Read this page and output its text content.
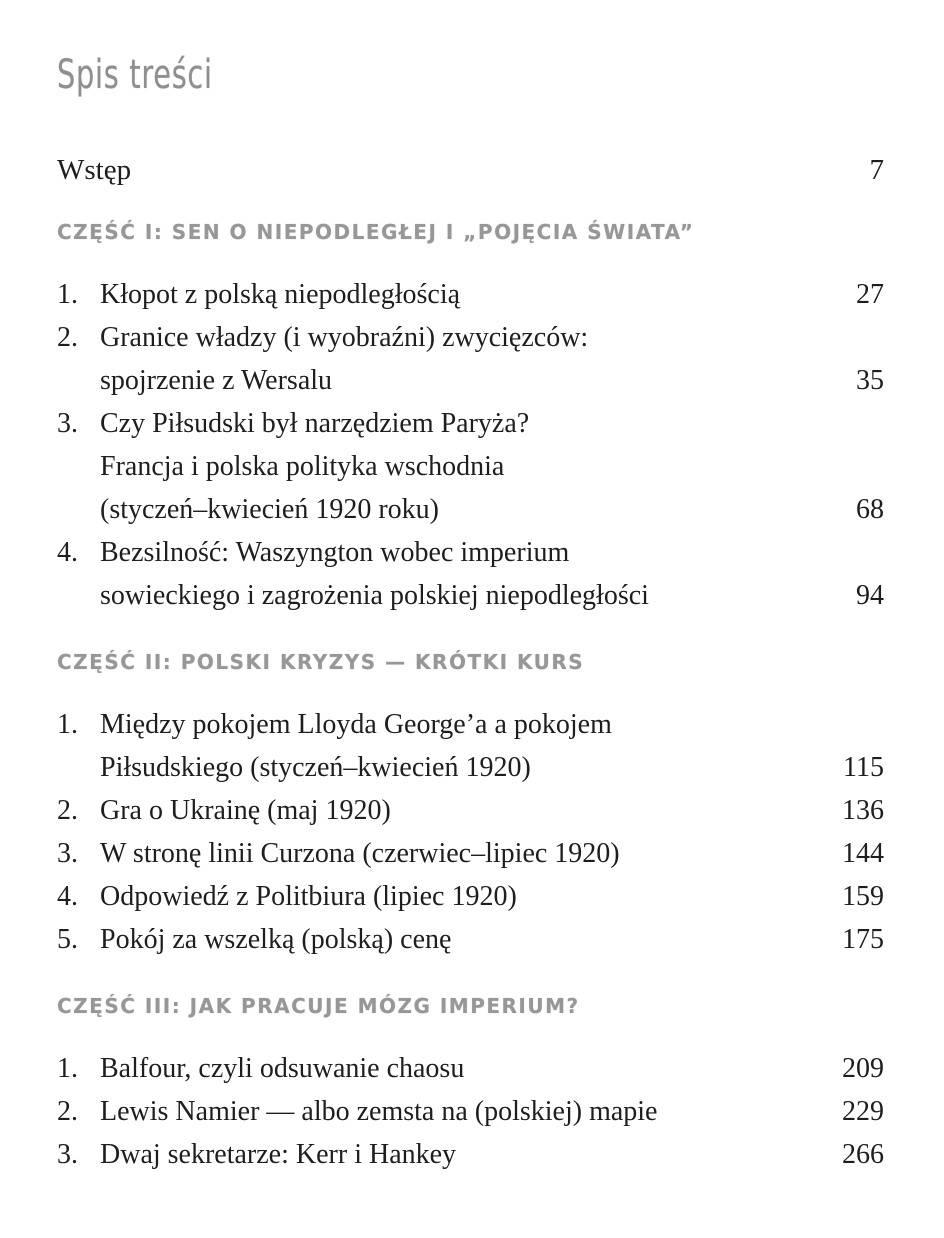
Spis treści
Wstęp	7
CZĘŚĆ I: SEN O NIEPODLEGŁEJ I „POJĘCIA ŚWIATA”
1. Kłopot z polską niepodległością	27
2. Granice władzy (i wyobraźni) zwycięzców:
spojrzenie z Wersalu	35
3. Czy Piłsudski był narzędziem Paryża?
Francja i polska polityka wschodnia
(styczeń–kwiecień 1920 roku)	68
4. Bezsilność: Waszyngton wobec imperium
sowieckiego i zagrożenia polskiej niepodległości	94
CZĘŚĆ II: POLSKI KRYZYS — KRÓTKI KURS
1. Między pokojem Lloyda George’a a pokojem
Piłsudskiego (styczeń–kwiecień 1920)	115
2. Gra o Ukrainę (maj 1920)	136
3. W stronę linii Curzona (czerwiec–lipiec 1920)	144
4. Odpowiedź z Politbiura (lipiec 1920)	159
5. Pokój za wszelką (polską) cenę	175
CZĘŚĆ III: JAK PRACUJE MÓZG IMPERIUM?
1. Balfour, czyli odsuwanie chaosu	209
2. Lewis Namier — albo zemsta na (polskiej) mapie	229
3. Dwaj sekretarze: Kerr i Hankey	266
